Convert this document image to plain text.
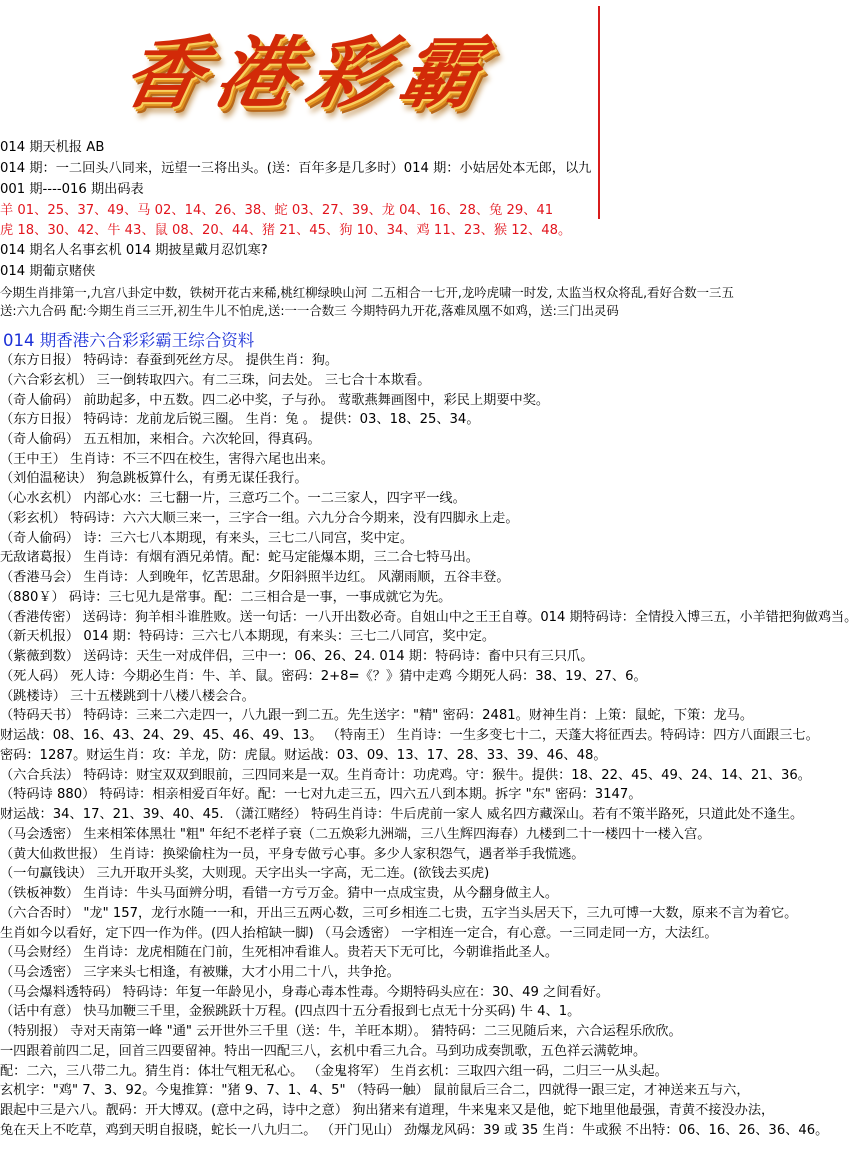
香港彩霸
014 期天机报 AB
014 期：一二回头八同来，远望一三将出头。(送：百年多是几多时）014 期：小姑居处本无郎，以九
001 期----016 期出码表
羊 01、25、37、49、马 02、14、26、38、蛇 03、27、39、龙 04、16、28、兔 29、41
虎 18、30、42、牛 43、鼠 08、20、44、猪 21、45、狗 10、34、鸡 11、23、猴 12、48。
014 期名人名事玄机 014 期披星戴月忍饥寒?
014 期葡京赌侠
今期生肖排第一,九宫八卦定中数，铁树开花古来稀,桃红柳绿映山河 二五相合一七开,龙吟虎啸一时发, 太监当权众将乱,看好合数一三五
送:六九合码 配:今期生肖三三开,初生牛儿不怕虎,送:一一合数三 今期特码九开花,落难凤凰不如鸡，送:三门出灵码
014 期香港六合彩彩霸王综合资料
（东方日报） 特码诗：春蚕到死丝方尽。 提供生肖：狗。
（六合彩玄机） 三一倒转取四六。有二三珠，问去处。 三七合十本欺看。
（奇人偷码） 前助起多，中五数。四二必中奖，子与孙。 莺歌燕舞画图中，彩民上期要中奖。
（东方日报） 特码诗：龙前龙后锐三圈。 生肖：兔 。 提供：03、18、25、34。
（奇人偷码） 五五相加，来相合。六次轮回，得真码。
（王中王） 生肖诗：不三不四在校生，害得六尾也出来。
（刘伯温秘诀） 狗急跳板算什么，有勇无谋任我行。
（心水玄机） 内部心水：三七翻一片，三意巧二个。一二三家人，四字平一线。
（彩玄机） 特码诗：六六大顺三来一，三字合一组。六九分合今期来，没有四脚永上走。
（奇人偷码） 诗：三六七八本期现，有来头，三七二八同宫，奖中定。
无敌诸葛报） 生肖诗：有烟有酒兄弟情。配：蛇马定能爆本期，三二合七特马出。
（香港马会） 生肖诗：人到晚年，忆苦思甜。夕阳斜照半边红。 风潮雨顺，五谷丰登。
（880￥） 码诗：三七见九是常事。配：二三相合是一事，一事成就它为先。
（香港传密） 送码诗：狗羊相斗谁胜败。送一句话：一八开出数必奇。自姐山中之王王自尊。014 期特码诗：全情投入博三五，小羊错把狗做鸡当。
（新天机报） 014 期：特码诗：三六七八本期现，有来头：三七二八同宫，奖中定。
（紫薇到数） 送码诗：天生一对成伴侣，三中一：06、26、24. 014 期：特码诗：畜中只有三只爪。
（死人码） 死人诗：今期必生肖：牛、羊、鼠。密码：2+8=《？》猜中走鸡 今期死人码：38、19、27、6。
（跳楼诗） 三十五楼跳到十八楼八楼会合。
（特码天书） 特码诗：三来二六走四一，八九跟一到二五。先生送字："精" 密码：2481。财神生肖：上策：鼠蛇，下策：龙马。
财运战：08、16、43、24、29、45、46、49、13。 （特南王） 生肖诗：一生多变七十二，天蓬大将征西去。特码诗：四方八面跟三七。
密码：1287。财运生肖：攻：羊龙，防：虎鼠。财运战：03、09、13、17、28、33、39、46、48。
（六合兵法） 特码诗：财宝双双到眼前，三四同来是一双。生肖奇计：功虎鸡。守：猴牛。提供：18、22、45、49、24、14、21、36。
（特码诗 880） 特码诗：相亲相爱百年好。配：一七对九走三五，四六五八到本期。拆字 "东" 密码：3147。
财运战：34、17、21、39、40、45. （潇江赌经） 特码生肖诗：牛后虎前一家人 威名四方藏深山。若有不策半路死，只道此处不逢生。
（马会透密） 生来相笨体黑壮 "粗" 年纪不老样子衰（二五焕彩九洲端，三八生辉四海春）九楼到二十一楼四十一楼入宫。
（黄大仙救世报） 生肖诗：换梁偷柱为一员，平身专做亏心事。多少人家积怨气，遇者举手我慌逃。
（一句赢钱诀） 三九开取开头奖，大则现。天字出头一字高，无二连。(欲钱去买虎)
（铁板神数） 生肖诗：牛头马面辨分明，看错一方亏万金。猜中一点成宝贵，从今翻身做主人。
（六合否时） "龙" 157，龙行水随一一和，开出三五两心数，三可乡相连二七贵，五字当头居天下，三九可博一大数，原来不言为着它。
生肖如今以看好，定下四一作为伴。(四人抬棺缺一脚) （马会透密） 一字相连一定合，有心意。一三同走同一方，大法红。
（马会财经） 生肖诗：龙虎相随在门前，生死相冲看谁人。贵若天下无可比，今朝谁指此圣人。
（马会透密） 三字来头七相逢，有被赚，大才小用二十八，共争抢。
（马会爆料透特码） 特码诗：年复一年龄见小，身毒心毒本性毒。今期特码头应在：30、49 之间看好。
（话中有意） 快马加鞭三千里，金猴跳跃十万程。(四点四十五分看报到七点无十分买码) 牛 4、1。
（特别报） 寺对天南第一峰 "通" 云开世外三千里（送：牛，羊旺本期）。 猜特码：二三见随后来，六合运程乐欣欣。
一四跟着前四二足，回首三四要留神。特出一四配三八，玄机中看三九合。马到功成奏凯歌，五色祥云满乾坤。
配：二六，三八带二九。猜生肖：体壮气粗无私心。 （金鬼将军） 生肖玄机：三取四六组一码，二归三一从头起。
玄机字："鸡" 7、3、92。今鬼推算："猪 9、7、1、4、5" （特码一触） 鼠前鼠后三合二，四就得一跟三定，才神送来五与六，
跟起中三是六八。靓码：开大博双。(意中之码，诗中之意） 狗出猪来有道理，牛来鬼来又是他，蛇下地里他最强，青黄不接没办法，
兔在天上不吃草，鸡到天明自报晓，蛇长一八九归二。 （开门见山） 劲爆龙风码：39 或 35 生肖：牛或猴 不出特：06、16、26、36、46。
